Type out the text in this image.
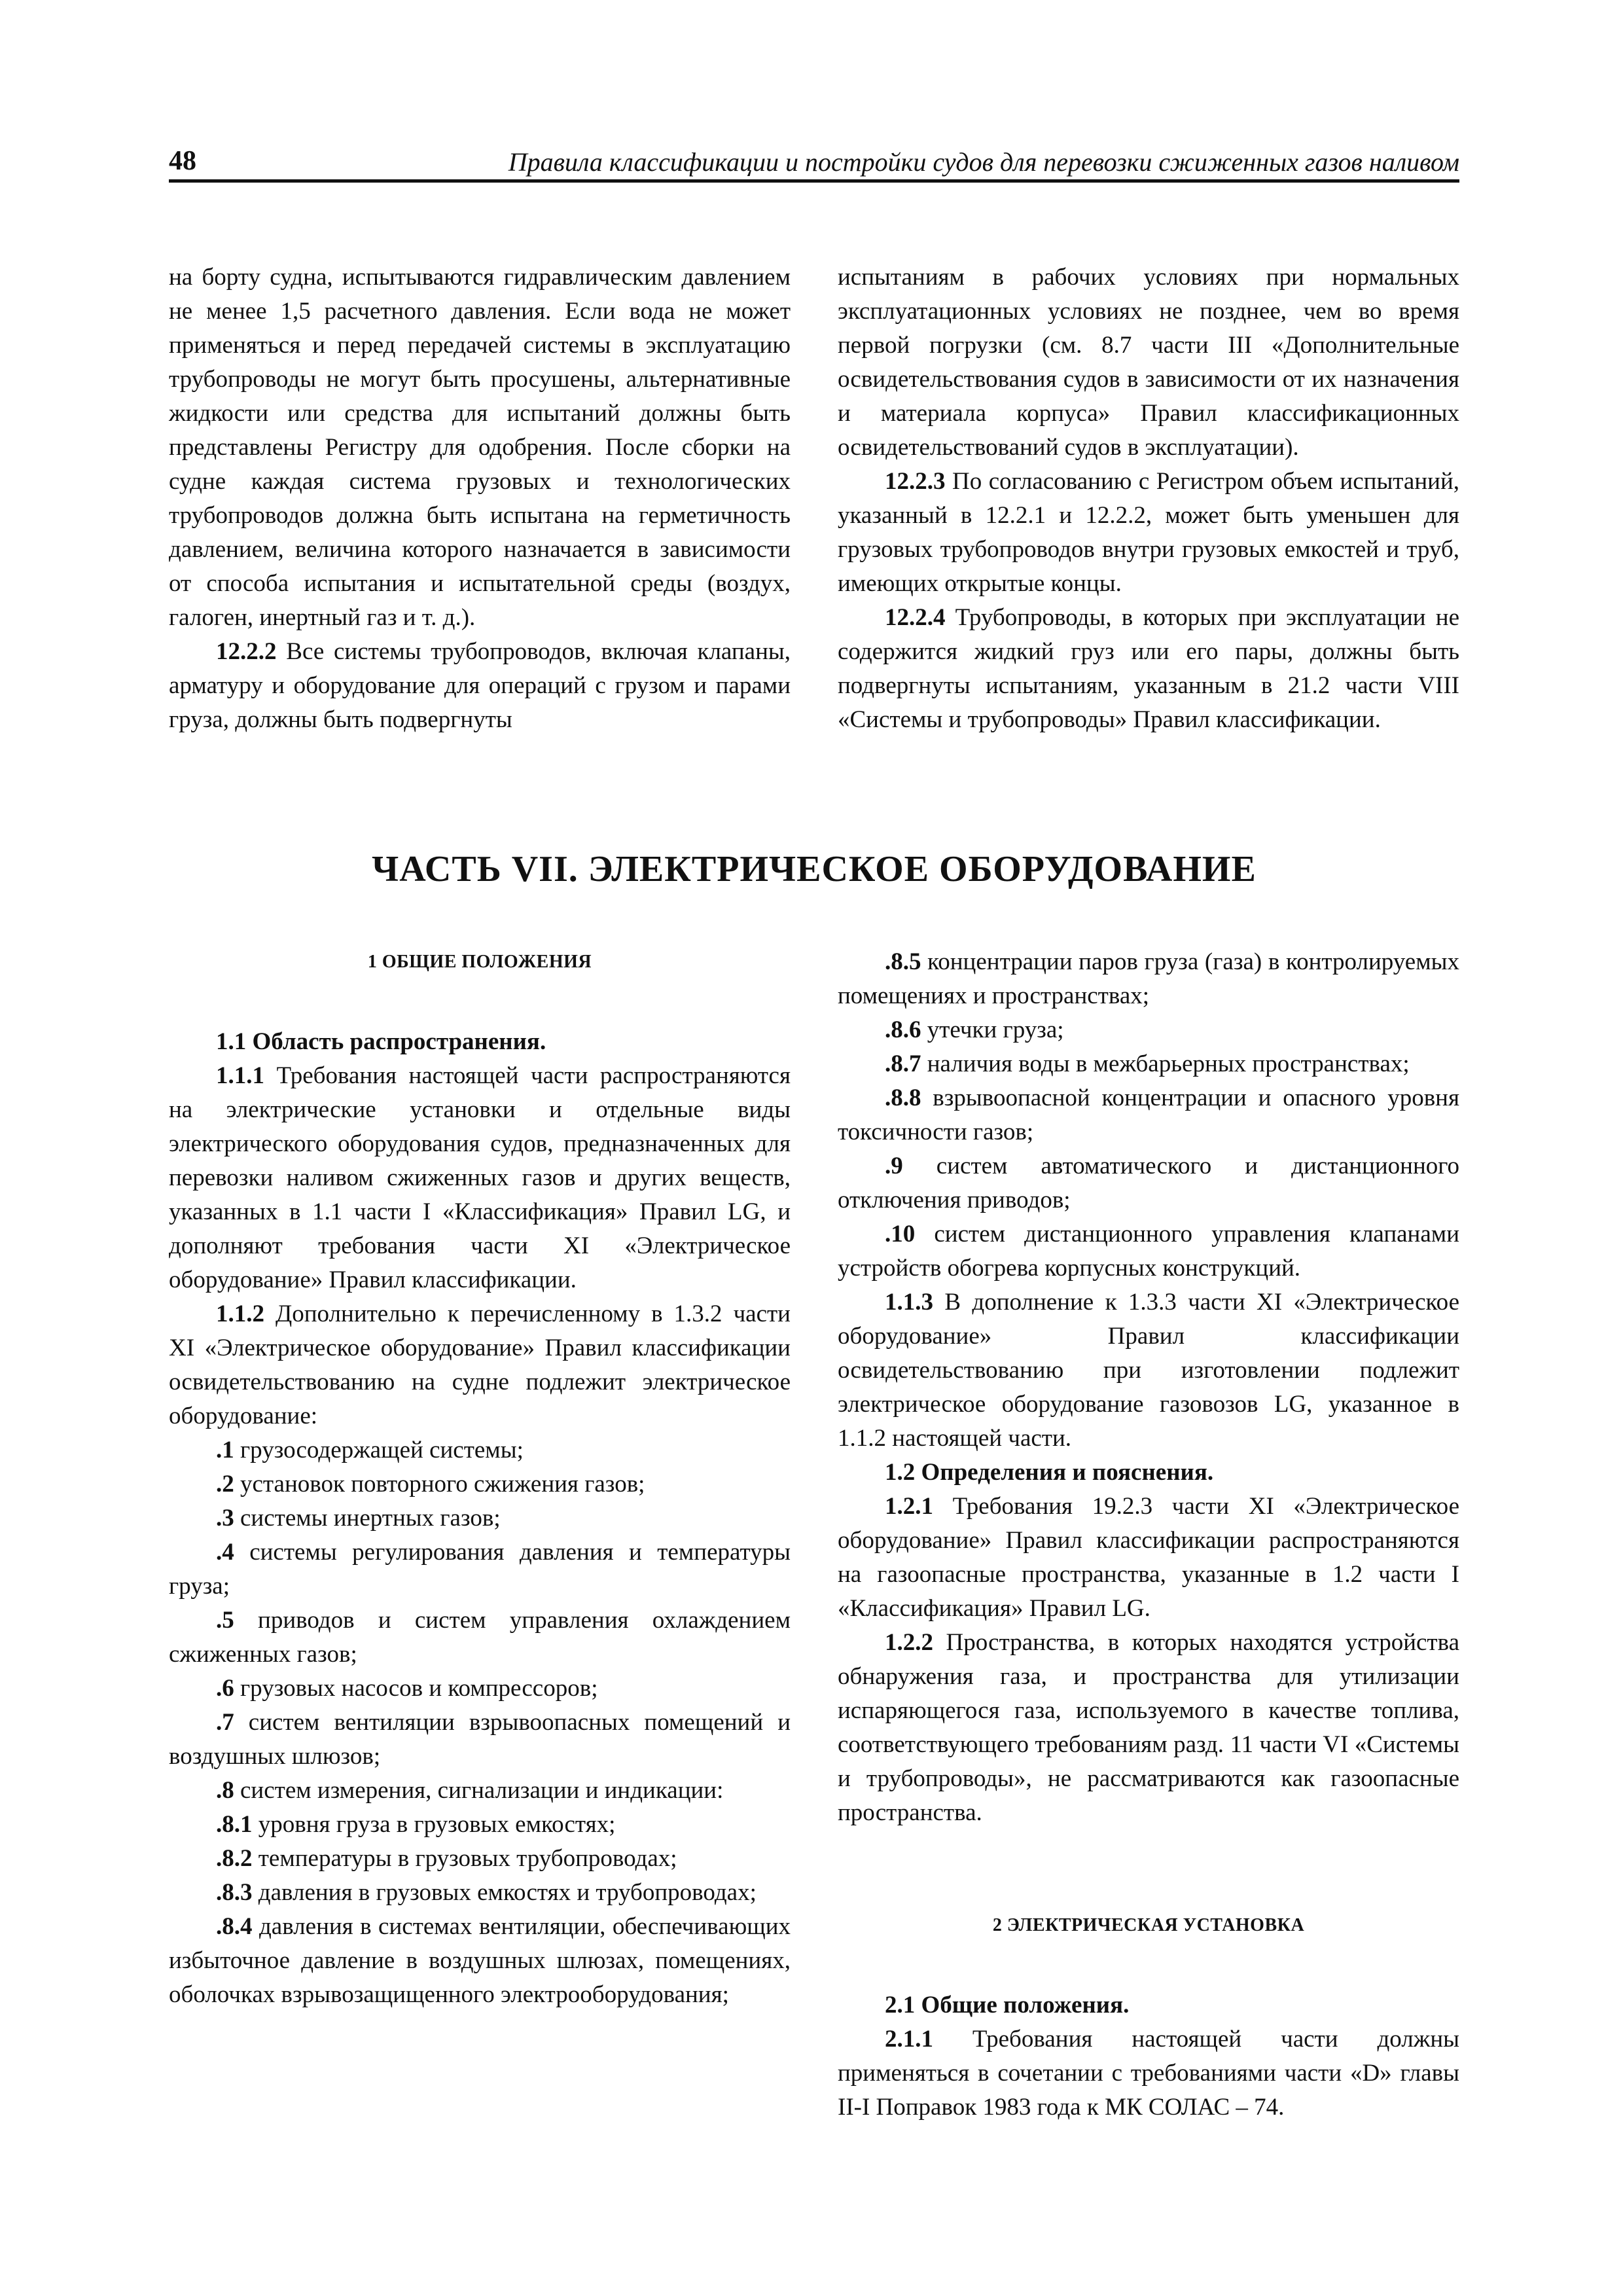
48	Правила классификации и постройки судов для перевозки сжиженных газов наливом

на борту судна, испытываются гидравлическим давлением не менее 1,5 расчетного давления. Если вода не может применяться и перед передачей системы в эксплуатацию трубопроводы не могут быть просушены, альтернативные жидкости или средства для испытаний должны быть представлены Регистру для одобрения. После сборки на судне каждая система грузовых и технологических трубопроводов должна быть испытана на герметичность давлением, величина которого назначается в зависимости от способа испытания и испытательной среды (воздух, галоген, инертный газ и т. д.).

12.2.2 Все системы трубопроводов, включая клапаны, арматуру и оборудование для операций с грузом и парами груза, должны быть подвергнуты

испытаниям в рабочих условиях при нормальных эксплуатационных условиях не позднее, чем во время первой погрузки (см. 8.7 части III «Дополнительные освидетельствования судов в зависимости от их назначения и материала корпуса» Правил классификационных освидетельствований судов в эксплуатации).

12.2.3 По согласованию с Регистром объем испытаний, указанный в 12.2.1 и 12.2.2, может быть уменьшен для грузовых трубопроводов внутри грузовых емкостей и труб, имеющих открытые концы.

12.2.4 Трубопроводы, в которых при эксплуатации не содержится жидкий груз или его пары, должны быть подвергнуты испытаниям, указанным в 21.2 части VIII «Системы и трубопроводы» Правил классификации.

ЧАСТЬ VII. ЭЛЕКТРИЧЕСКОЕ ОБОРУДОВАНИЕ

1 ОБЩИЕ ПОЛОЖЕНИЯ

1.1 Область распространения.

1.1.1 Требования настоящей части распространяются на электрические установки и отдельные виды электрического оборудования судов, предназначенных для перевозки наливом сжиженных газов и других веществ, указанных в 1.1 части I «Классификация» Правил LG, и дополняют требования части XI «Электрическое оборудование» Правил классификации.

1.1.2 Дополнительно к перечисленному в 1.3.2 части XI «Электрическое оборудование» Правил классификации освидетельствованию на судне подлежит электрическое оборудование:

.1 грузосодержащей системы;

.2 установок повторного сжижения газов;

.3 системы инертных газов;

.4 системы регулирования давления и температуры груза;

.5 приводов и систем управления охлаждением сжиженных газов;

.6 грузовых насосов и компрессоров;

.7 систем вентиляции взрывоопасных помещений и воздушных шлюзов;

.8 систем измерения, сигнализации и индикации:

.8.1 уровня груза в грузовых емкостях;

.8.2 температуры в грузовых трубопроводах;

.8.3 давления в грузовых емкостях и трубопроводах;

.8.4 давления в системах вентиляции, обеспечивающих избыточное давление в воздушных шлюзах, помещениях, оболочках взрывозащищенного электрооборудования;

.8.5 концентрации паров груза (газа) в контролируемых помещениях и пространствах;

.8.6 утечки груза;

.8.7 наличия воды в межбарьерных пространствах;

.8.8 взрывоопасной концентрации и опасного уровня токсичности газов;

.9 систем автоматического и дистанционного отключения приводов;

.10 систем дистанционного управления клапанами устройств обогрева корпусных конструкций.

1.1.3 В дополнение к 1.3.3 части XI «Электрическое оборудование» Правил классификации освидетельствованию при изготовлении подлежит электрическое оборудование газовозов LG, указанное в 1.1.2 настоящей части.

1.2 Определения и пояснения.

1.2.1 Требования 19.2.3 части XI «Электрическое оборудование» Правил классификации распространяются на газоопасные пространства, указанные в 1.2 части I «Классификация» Правил LG.

1.2.2 Пространства, в которых находятся устройства обнаружения газа, и пространства для утилизации испаряющегося газа, используемого в качестве топлива, соответствующего требованиям разд. 11 части VI «Системы и трубопроводы», не рассматриваются как газоопасные пространства.

2 ЭЛЕКТРИЧЕСКАЯ УСТАНОВКА

2.1 Общие положения.

2.1.1 Требования настоящей части должны применяться в сочетании с требованиями части «D» главы II-I Поправок 1983 года к МК СОЛАС – 74.
